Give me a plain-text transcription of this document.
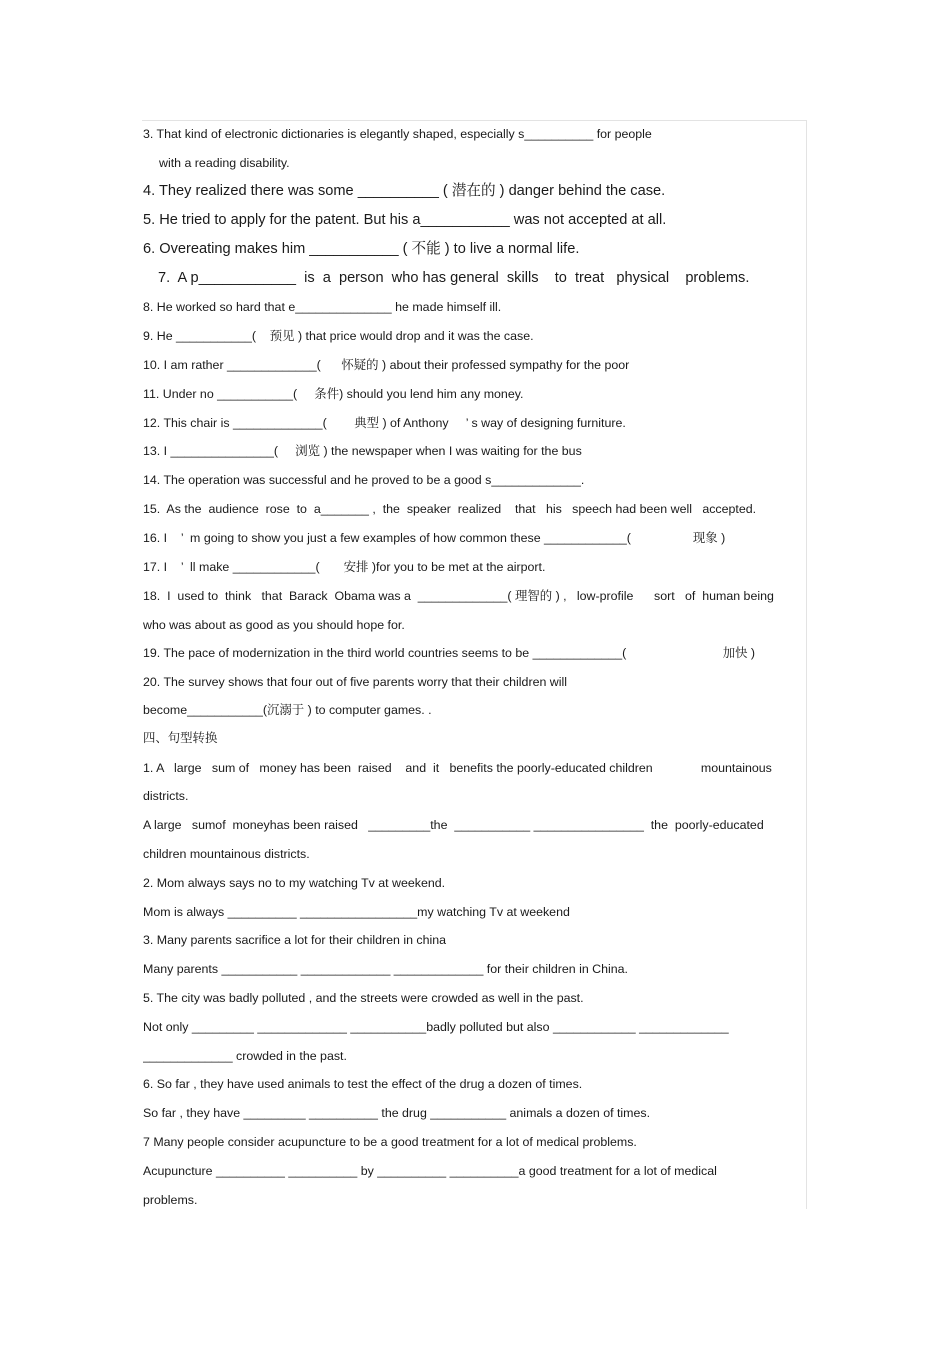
3. That kind of electronic dictionaries is elegantly shaped, especially s__________ for people
with a reading disability.
4. They realized there was some __________ ( 潜在的 ) danger behind the case.
5. He tried to apply for the patent. But his a___________ was not accepted at all.
6. Overeating makes him ___________ ( 不能 ) to live a normal life.
7.  A p____________  is  a  person  who has general  skills    to  treat   physical    problems.
8. He worked so hard that e______________ he made himself ill.
9. He ___________(    预见 ) that price would drop and it was the case.
10. I am rather _____________(      怀疑的 ) about their professed sympathy for the poor
11. Under no ___________(     条件) should you lend him any money.
12. This chair is _____________(        典型 ) of Anthony     ’ s way of designing furniture.
13. I _______________(     浏览 ) the newspaper when I was waiting for the bus
14. The operation was successful and he proved to be a good s_____________.
15.  As the  audience  rose  to  a_______ ,  the  speaker  realized    that   his   speech had been well   accepted.
16. I    ’  m going to show you just a few examples of how common these ____________(                  现象 )
17. I    ’  ll make ____________(       安排 )for you to be met at the airport.
18.  I  used to  think   that  Barack  Obama was a  _____________( 理智的 ) ,   low-profile      sort   of  human being
who was about as good as you should hope for.
19. The pace of modernization in the third world countries seems to be _____________(                            加快 )
20. The survey shows that four out of five parents worry that their children will
become___________(沉溺于 ) to computer games. .
四、句型转换
1. A   large   sum of   money has been  raised    and  it   benefits the poorly-educated children              mountainous
districts.
A large   sumof  moneyhas been raised   _________the  ___________ ________________  the  poorly-educated
children mountainous districts.
2. Mom always says no to my watching Tv at weekend.
Mom is always __________ _________________my watching Tv at weekend
3. Many parents sacrifice a lot for their children in china
Many parents ___________ _____________ _____________ for their children in China.
5. The city was badly polluted , and the streets were crowded as well in the past.
Not only _________ _____________ ___________badly polluted but also ____________ _____________
_____________ crowded in the past.
6. So far , they have used animals to test the effect of the drug a dozen of times.
So far , they have _________ __________ the drug ___________ animals a dozen of times.
7 Many people consider acupuncture to be a good treatment for a lot of medical problems.
Acupuncture __________ __________ by __________ __________a good treatment for a lot of medical
problems.
